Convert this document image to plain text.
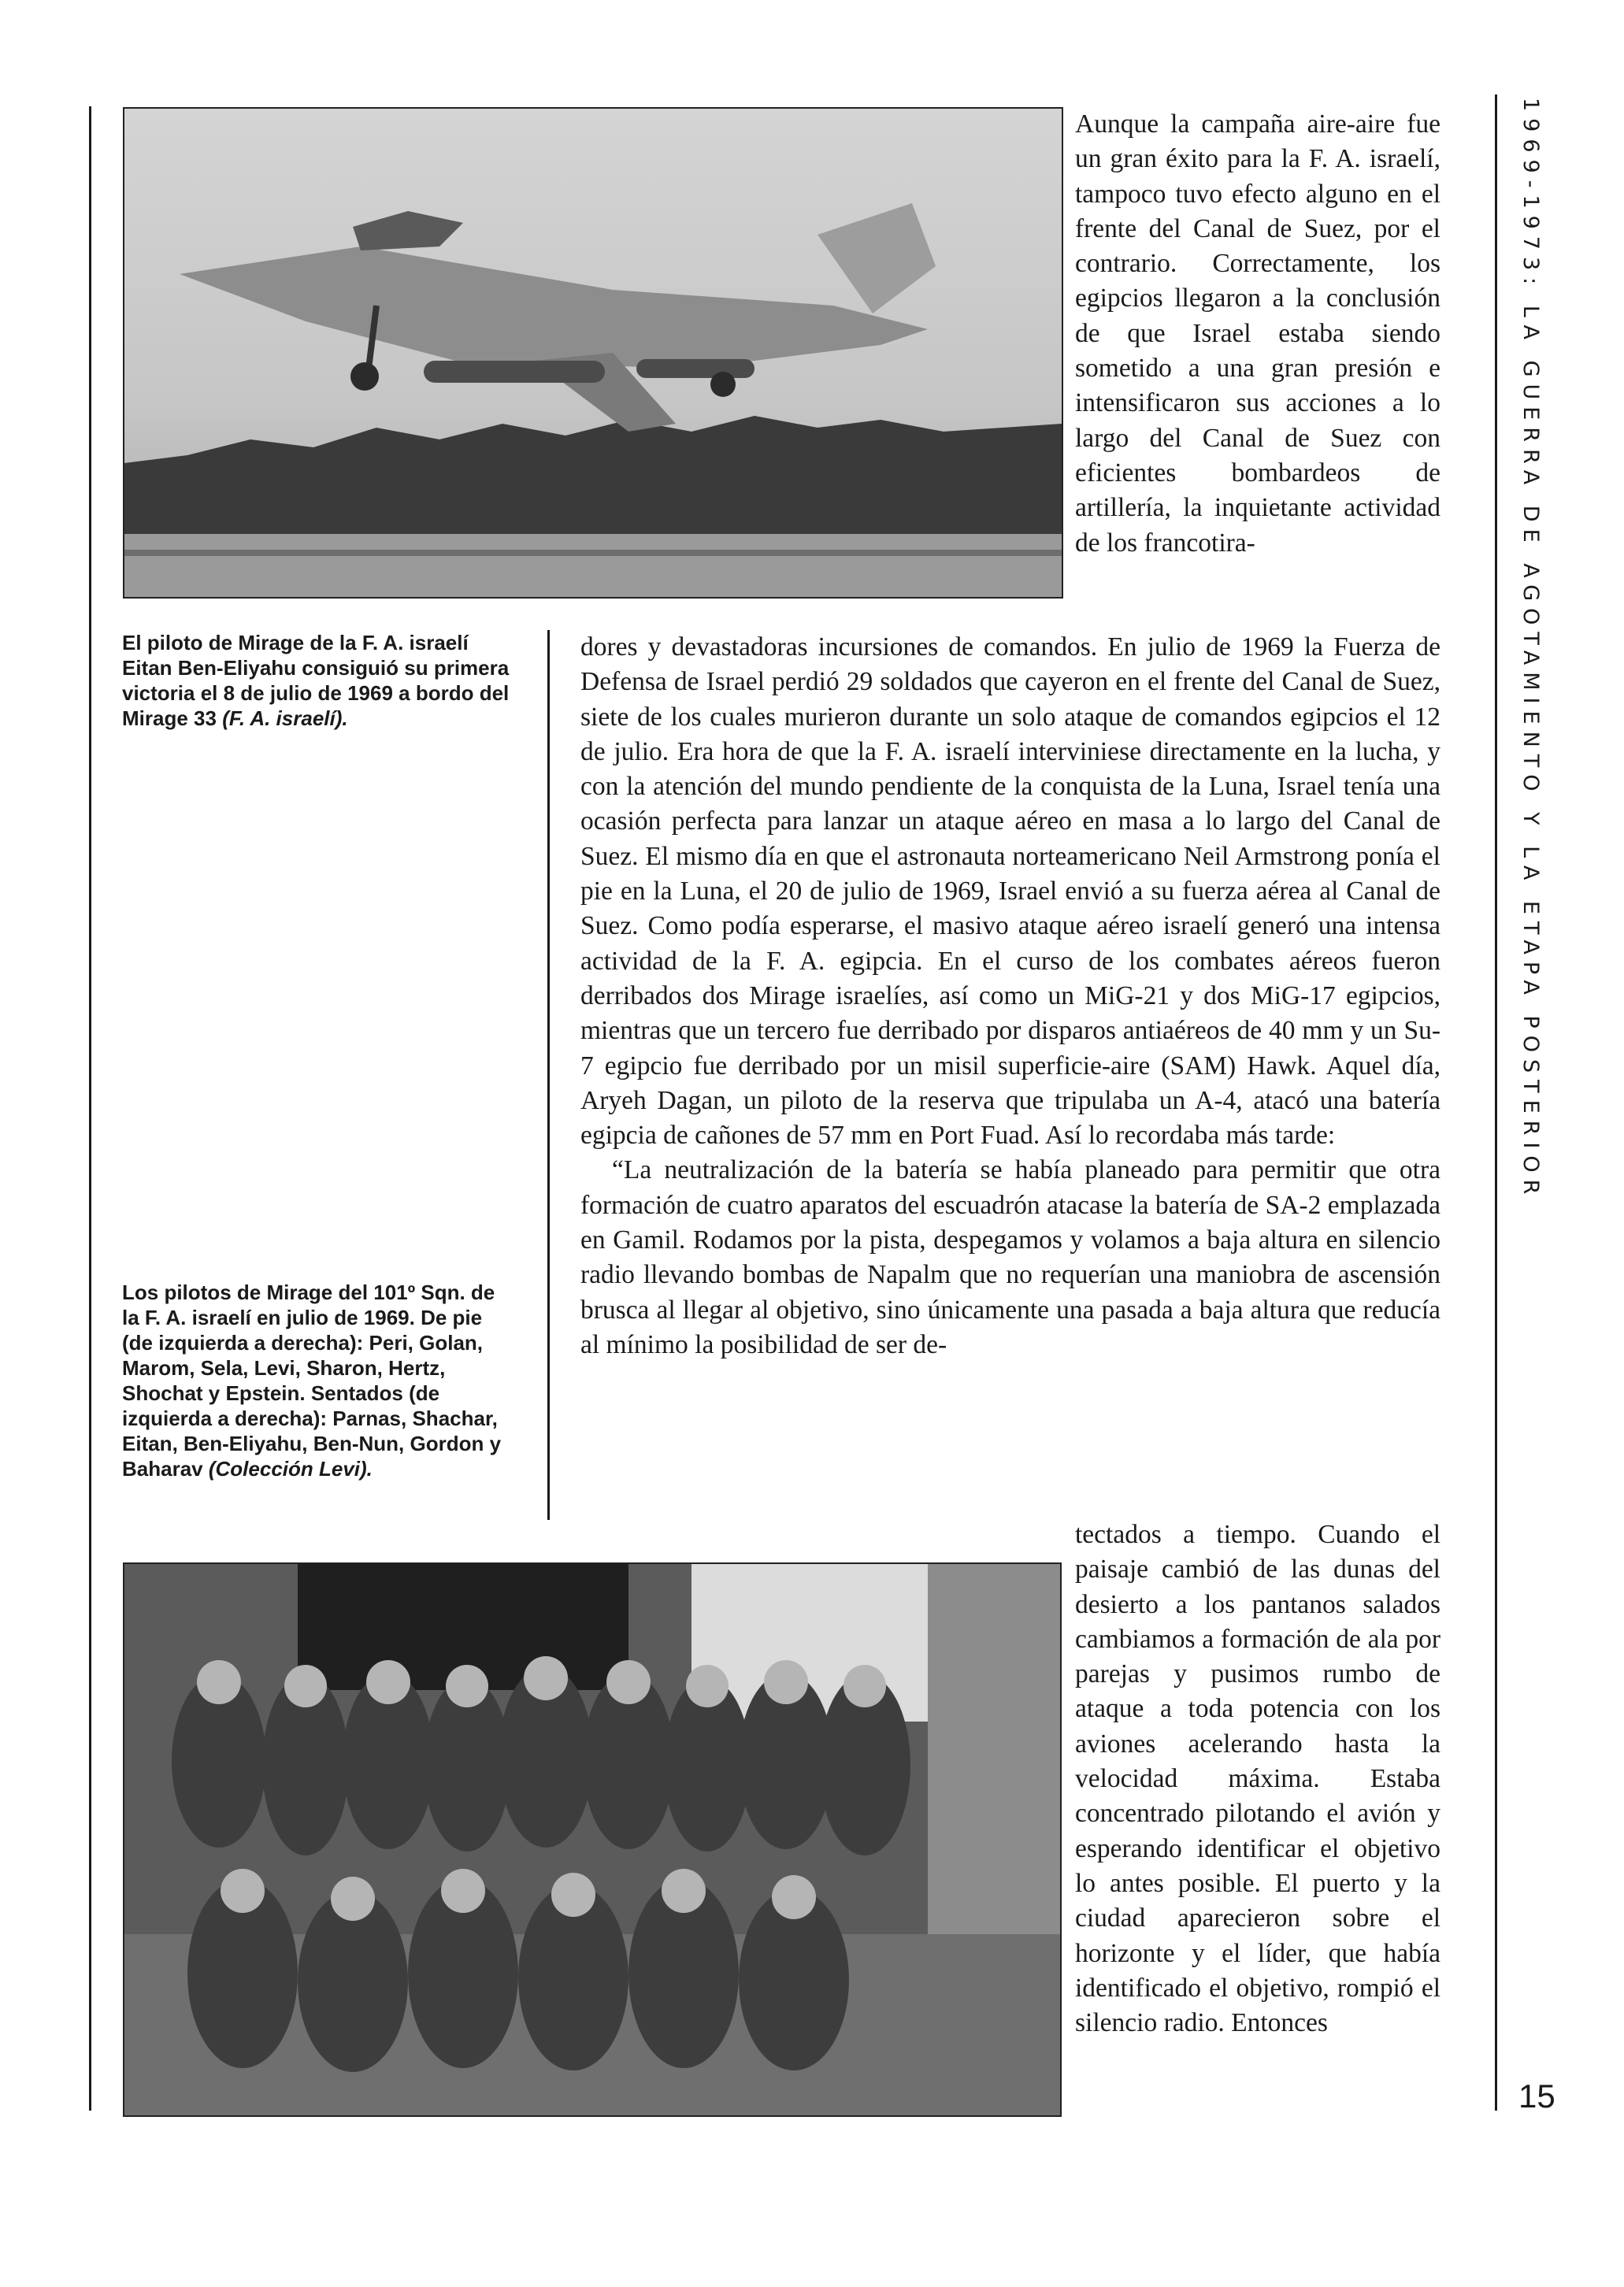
El piloto de Mirage de la F. A. israelí Eitan Ben-Eliyahu consiguió su primera victoria el 8 de julio de 1969 a bordo del Mirage 33 (F. A. israelí).
Los pilotos de Mirage del 101º Sqn. de la F. A. israelí en julio de 1969. De pie (de izquierda a derecha): Peri, Golan, Marom, Sela, Levi, Sharon, Hertz, Shochat y Epstein. Sentados (de izquierda a derecha): Parnas, Shachar, Eitan, Ben-Eliyahu, Ben-Nun, Gordon y Baharav (Colección Levi).

Aunque la campaña aire-aire fue un gran éxito para la F. A. israelí, tampoco tuvo efecto alguno en el frente del Canal de Suez, por el contrario. Correctamente, los egipcios llegaron a la conclusión de que Israel estaba siendo sometido a una gran presión e intensificaron sus acciones a lo largo del Canal de Suez con eficientes bombardeos de artillería, la inquietante actividad de los francotira-

dores y devastadoras incursiones de comandos. En julio de 1969 la Fuerza de Defensa de Israel perdió 29 soldados que cayeron en el frente del Canal de Suez, siete de los cuales murieron durante un solo ataque de comandos egipcios el 12 de julio. Era hora de que la F. A. israelí interviniese directamente en la lucha, y con la atención del mundo pendiente de la conquista de la Luna, Israel tenía una ocasión perfecta para lanzar un ataque aéreo en masa a lo largo del Canal de Suez. El mismo día en que el astronauta norteamericano Neil Armstrong ponía el pie en la Luna, el 20 de julio de 1969, Israel envió a su fuerza aérea al Canal de Suez. Como podía esperarse, el masivo ataque aéreo israelí generó una intensa actividad de la F. A. egipcia. En el curso de los combates aéreos fueron derribados dos Mirage israelíes, así como un MiG-21 y dos MiG-17 egipcios, mientras que un tercero fue derribado por disparos antiaéreos de 40 mm y un Su-7 egipcio fue derribado por un misil superficie-aire (SAM) Hawk. Aquel día, Aryeh Dagan, un piloto de la reserva que tripulaba un A-4, atacó una batería egipcia de cañones de 57 mm en Port Fuad. Así lo recordaba más tarde:

“La neutralización de la batería se había planeado para permitir que otra formación de cuatro aparatos del escuadrón atacase la batería de SA-2 emplazada en Gamil. Rodamos por la pista, despegamos y volamos a baja altura en silencio radio llevando bombas de Napalm que no requerían una maniobra de ascensión brusca al llegar al objetivo, sino únicamente una pasada a baja altura que reducía al mínimo la posibilidad de ser de-

tectados a tiempo. Cuando el paisaje cambió de las dunas del desierto a los pantanos salados cambiamos a formación de ala por parejas y pusimos rumbo de ataque a toda potencia con los aviones acelerando hasta la velocidad máxima. Estaba concentrado pilotando el avión y esperando identificar el objetivo lo antes posible. El puerto y la ciudad aparecieron sobre el horizonte y el líder, que había identificado el objetivo, rompió el silencio radio. Entonces

1969-1973: LA GUERRA DE AGOTAMIENTO Y LA ETAPA POSTERIOR
15
